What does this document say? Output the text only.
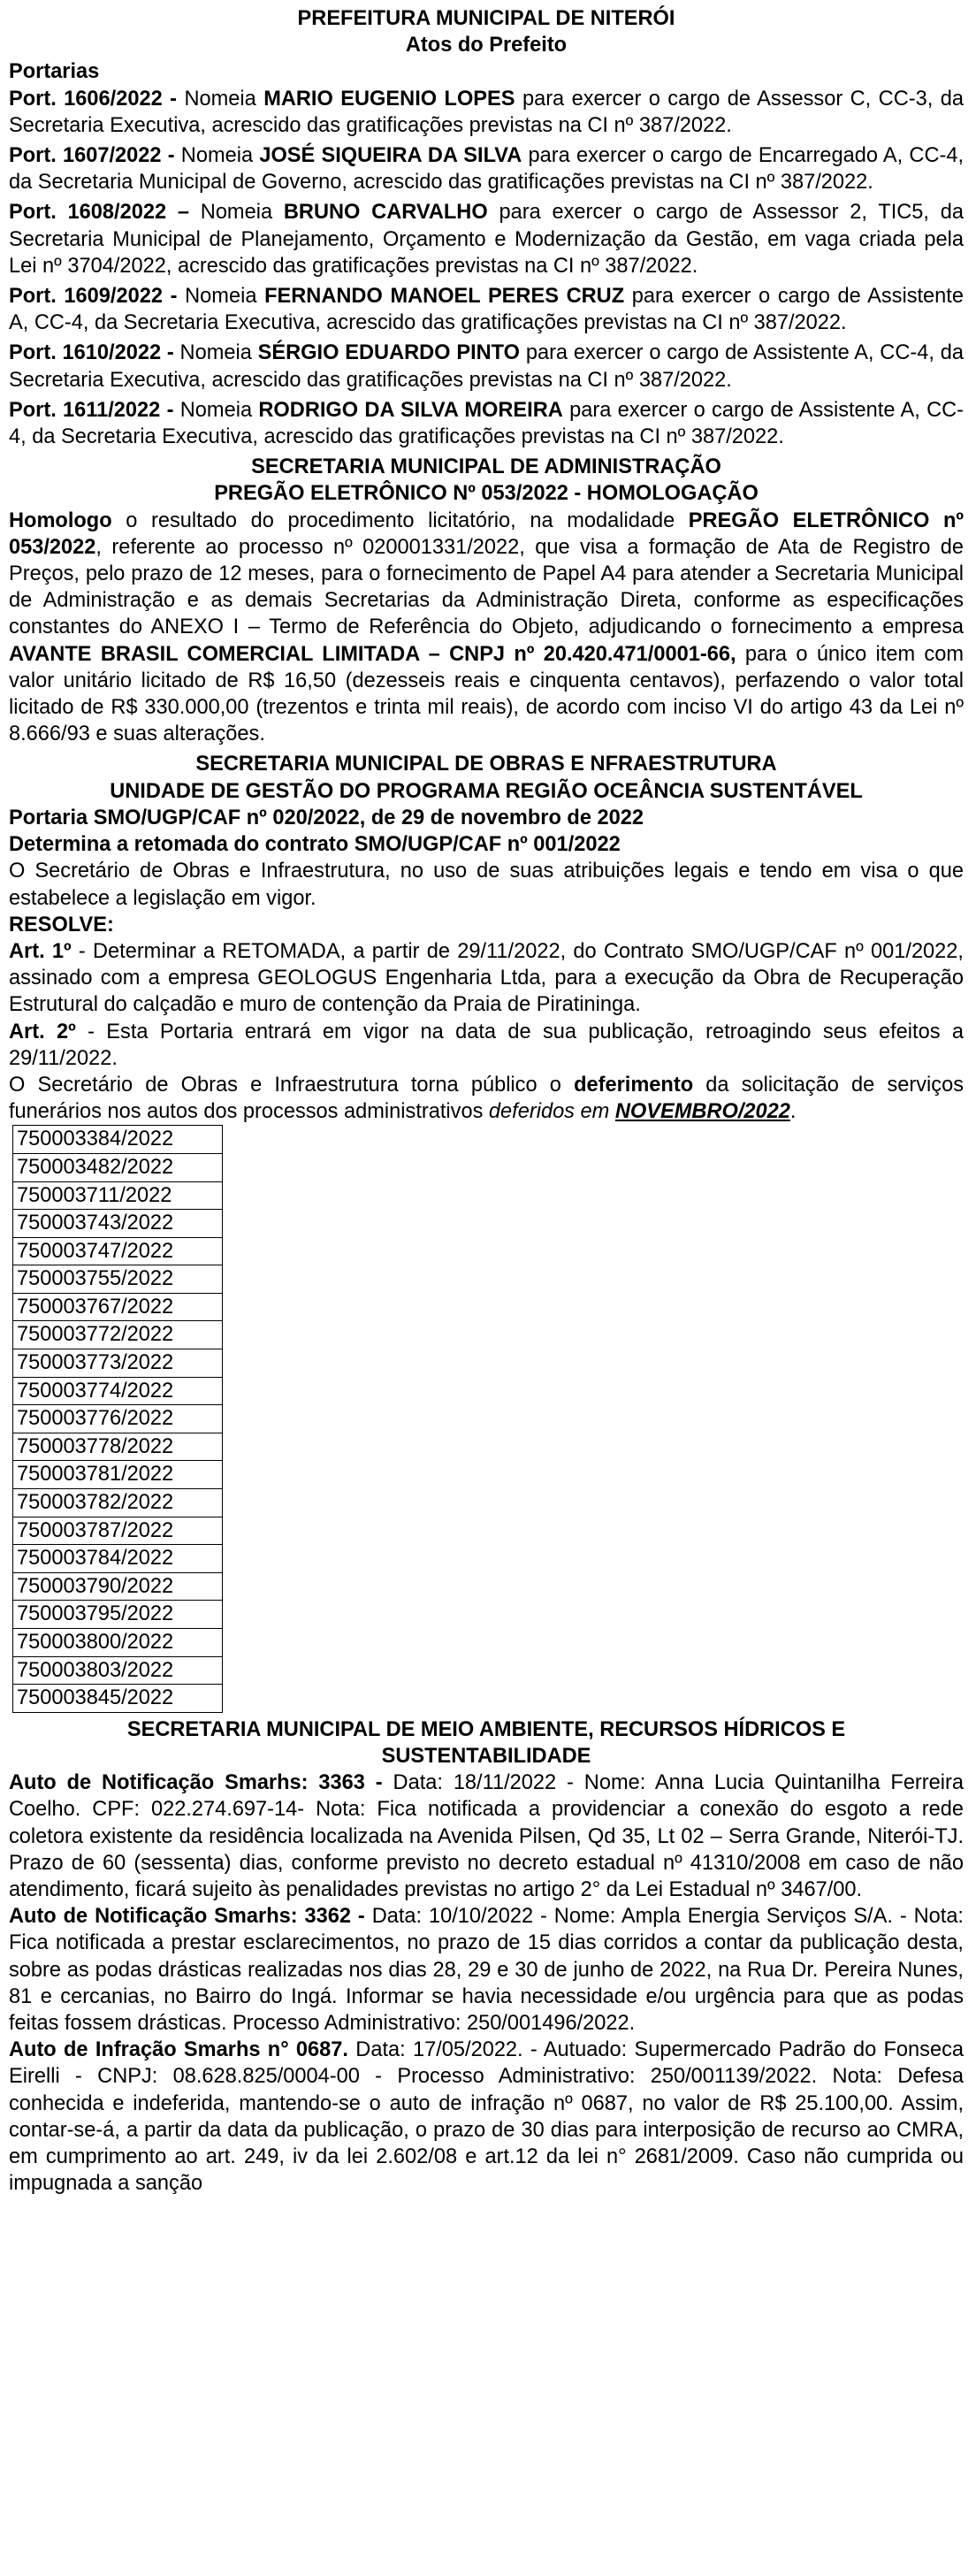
PREFEITURA MUNICIPAL DE NITERÓI
Atos do Prefeito
Portarias

Port. 1606/2022 - Nomeia MARIO EUGENIO LOPES para exercer o cargo de Assessor C, CC-3, da Secretaria Executiva, acrescido das gratificações previstas na CI nº 387/2022.

Port. 1607/2022 - Nomeia JOSÉ SIQUEIRA DA SILVA para exercer o cargo de Encarregado A, CC-4, da Secretaria Municipal de Governo, acrescido das gratificações previstas na CI nº 387/2022.

Port. 1608/2022 – Nomeia BRUNO CARVALHO para exercer o cargo de Assessor 2, TIC5, da Secretaria Municipal de Planejamento, Orçamento e Modernização da Gestão, em vaga criada pela Lei nº 3704/2022, acrescido das gratificações previstas na CI nº 387/2022.

Port. 1609/2022 - Nomeia FERNANDO MANOEL PERES CRUZ para exercer o cargo de Assistente A, CC-4, da Secretaria Executiva, acrescido das gratificações previstas na CI nº 387/2022.

Port. 1610/2022 - Nomeia SÉRGIO EDUARDO PINTO para exercer o cargo de Assistente A, CC-4, da Secretaria Executiva, acrescido das gratificações previstas na CI nº 387/2022.

Port. 1611/2022 - Nomeia RODRIGO DA SILVA MOREIRA para exercer o cargo de Assistente A, CC-4, da Secretaria Executiva, acrescido das gratificações previstas na CI nº 387/2022.

SECRETARIA MUNICIPAL DE ADMINISTRAÇÃO
PREGÃO ELETRÔNICO Nº 053/2022 - HOMOLOGAÇÃO

Homologo o resultado do procedimento licitatório, na modalidade PREGÃO ELETRÔNICO nº 053/2022, referente ao processo nº 020001331/2022, que visa a formação de Ata de Registro de Preços, pelo prazo de 12 meses, para o fornecimento de Papel A4 para atender a Secretaria Municipal de Administração e as demais Secretarias da Administração Direta, conforme as especificações constantes do ANEXO I – Termo de Referência do Objeto, adjudicando o fornecimento a empresa AVANTE BRASIL COMERCIAL LIMITADA – CNPJ nº 20.420.471/0001-66, para o único item com valor unitário licitado de R$ 16,50 (dezesseis reais e cinquenta centavos), perfazendo o valor total licitado de R$ 330.000,00 (trezentos e trinta mil reais), de acordo com inciso VI do artigo 43 da Lei nº 8.666/93 e suas alterações.

SECRETARIA MUNICIPAL DE OBRAS E NFRAESTRUTURA
UNIDADE DE GESTÃO DO PROGRAMA REGIÃO OCEÂNCIA SUSTENTÁVEL
Portaria SMO/UGP/CAF nº 020/2022, de 29 de novembro de 2022
Determina a retomada do contrato SMO/UGP/CAF nº 001/2022

O Secretário de Obras e Infraestrutura, no uso de suas atribuições legais e tendo em visa o que estabelece a legislação em vigor.

RESOLVE:

Art. 1º - Determinar a RETOMADA, a partir de 29/11/2022, do Contrato SMO/UGP/CAF nº 001/2022, assinado com a empresa GEOLOGUS Engenharia Ltda, para a execução da Obra de Recuperação Estrutural do calçadão e muro de contenção da Praia de Piratininga.

Art. 2º - Esta Portaria entrará em vigor na data de sua publicação, retroagindo seus efeitos a 29/11/2022.

O Secretário de Obras e Infraestrutura torna público o deferimento da solicitação de serviços funerários nos autos dos processos administrativos deferidos em NOVEMBRO/2022.

750003384/2022
750003482/2022
750003711/2022
750003743/2022
750003747/2022
750003755/2022
750003767/2022
750003772/2022
750003773/2022
750003774/2022
750003776/2022
750003778/2022
750003781/2022
750003782/2022
750003787/2022
750003784/2022
750003790/2022
750003795/2022
750003800/2022
750003803/2022
750003845/2022
SECRETARIA MUNICIPAL DE MEIO AMBIENTE, RECURSOS HÍDRICOS E
SUSTENTABILIDADE

Auto de Notificação Smarhs: 3363 - Data: 18/11/2022 - Nome: Anna Lucia Quintanilha Ferreira Coelho. CPF: 022.274.697-14- Nota: Fica notificada a providenciar a conexão do esgoto a rede coletora existente da residência localizada na Avenida Pilsen, Qd 35, Lt 02 – Serra Grande, Niterói-TJ. Prazo de 60 (sessenta) dias, conforme previsto no decreto estadual nº 41310/2008 em caso de não atendimento, ficará sujeito às penalidades previstas no artigo 2° da Lei Estadual nº 3467/00.

Auto de Notificação Smarhs: 3362 - Data: 10/10/2022 - Nome: Ampla Energia Serviços S/A. - Nota: Fica notificada a prestar esclarecimentos, no prazo de 15 dias corridos a contar da publicação desta, sobre as podas drásticas realizadas nos dias 28, 29 e 30 de junho de 2022, na Rua Dr. Pereira Nunes, 81 e cercanias, no Bairro do Ingá. Informar se havia necessidade e/ou urgência para que as podas feitas fossem drásticas. Processo Administrativo: 250/001496/2022.

Auto de Infração Smarhs n° 0687. Data: 17/05/2022. - Autuado: Supermercado Padrão do Fonseca Eirelli - CNPJ: 08.628.825/0004-00 - Processo Administrativo: 250/001139/2022. Nota: Defesa conhecida e indeferida, mantendo-se o auto de infração nº 0687, no valor de R$ 25.100,00. Assim, contar-se-á, a partir da data da publicação, o prazo de 30 dias para interposição de recurso ao CMRA, em cumprimento ao art. 249, iv da lei 2.602/08 e art.12 da lei n° 2681/2009. Caso não cumprida ou impugnada a sanção
